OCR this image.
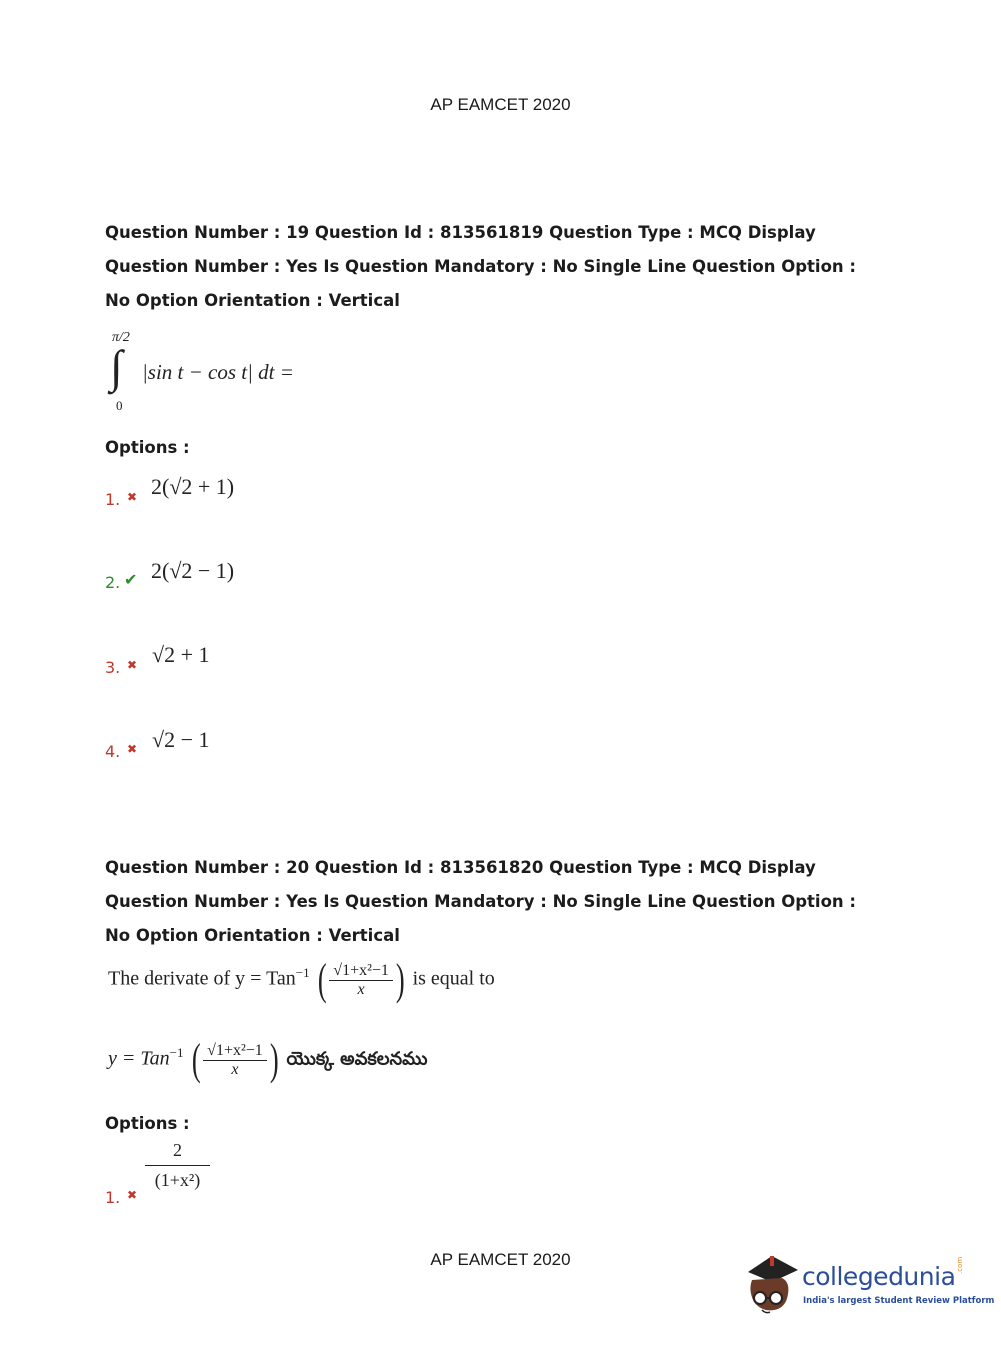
AP EAMCET 2020
Question Number : 19 Question Id : 813561819 Question Type : MCQ Display Question Number : Yes Is Question Mandatory : No Single Line Question Option : No Option Orientation : Vertical
π/2
∫
0
|sin t − cos t| dt =
Options :
1. ✖ 2(√2 + 1)
2. ✔ 2(√2 − 1)
3. ✖ √2 + 1
4. ✖ √2 − 1
Question Number : 20 Question Id : 813561820 Question Type : MCQ Display Question Number : Yes Is Question Mandatory : No Single Line Question Option : No Option Orientation : Vertical
The derivate of y = Tan$^{-1}$ ( $\frac{\text{√1+x²−1}}{x}$ ) is equal to
y = Tan$^{-1}$ ( $\frac{\text{√1+x²−1}}{x}$ ) యొక్క అవకలనము
Options :
1. ✖
$\frac{2}{\text{(1+x²)}}$
AP EAMCET 2020
collegedunia .com
India's largest Student Review Platform
